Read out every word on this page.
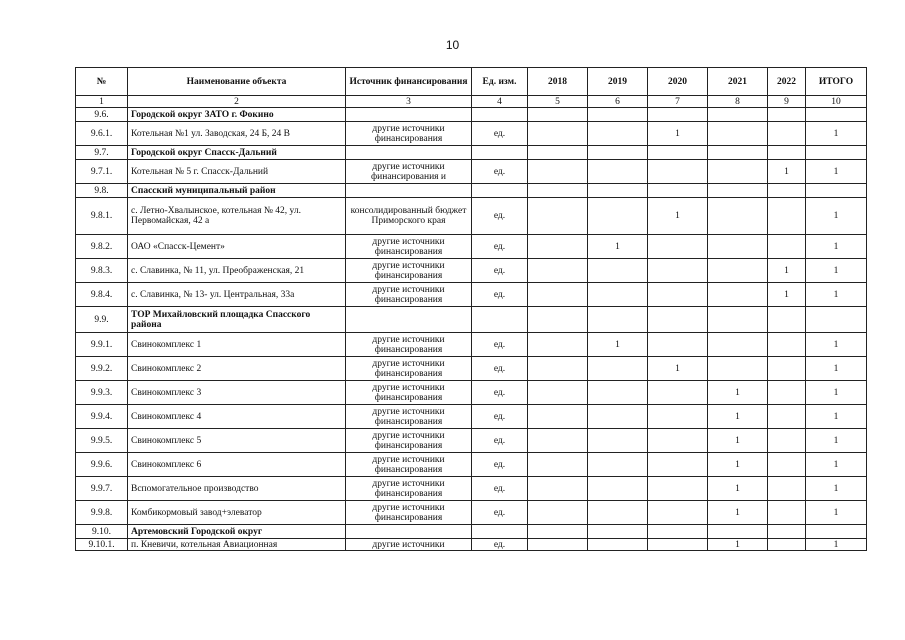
10
№	Наименование объекта	Источник финансирования	Ед. изм.	2018	2019	2020	2021	2022	ИТОГО
1	2	3	4	5	6	7	8	9	10
9.6.	Городской округ ЗАТО г. Фокино								
9.6.1.	Котельная №1 ул. Заводская, 24 Б, 24 В	другие источники финансирования	ед.			1			1
9.7.	Городской округ Спасск-Дальний								
9.7.1.	Котельная № 5 г. Спасск-Дальний	другие источники финансирования и	ед.					1	1
9.8.	Спасский муниципальный район								
9.8.1.	с. Летно-Хвалынское, котельная № 42, ул. Первомайская, 42 а	консолидированный бюджет Приморского края	ед.			1			1
9.8.2.	ОАО «Спасск-Цемент»	другие источники финансирования	ед.		1				1
9.8.3.	с. Славинка, № 11, ул. Преображенская, 21	другие источники финансирования	ед.					1	1
9.8.4.	с. Славинка, № 13- ул. Центральная, 33а	другие источники финансирования	ед.					1	1
9.9.	ТОР Михайловский площадка Спасского района								
9.9.1.	Свинокомплекс 1	другие источники финансирования	ед.		1				1
9.9.2.	Свинокомплекс 2	другие источники финансирования	ед.			1			1
9.9.3.	Свинокомплекс 3	другие источники финансирования	ед.				1		1
9.9.4.	Свинокомплекс 4	другие источники финансирования	ед.				1		1
9.9.5.	Свинокомплекс 5	другие источники финансирования	ед.				1		1
9.9.6.	Свинокомплекс 6	другие источники финансирования	ед.				1		1
9.9.7.	Вспомогательное производство	другие источники финансирования	ед.				1		1
9.9.8.	Комбикормовый завод+элеватор	другие источники финансирования	ед.				1		1
9.10.	Артемовский Городской округ								
9.10.1.	п. Кневичи, котельная Авиационная	другие источники	ед.				1		1
